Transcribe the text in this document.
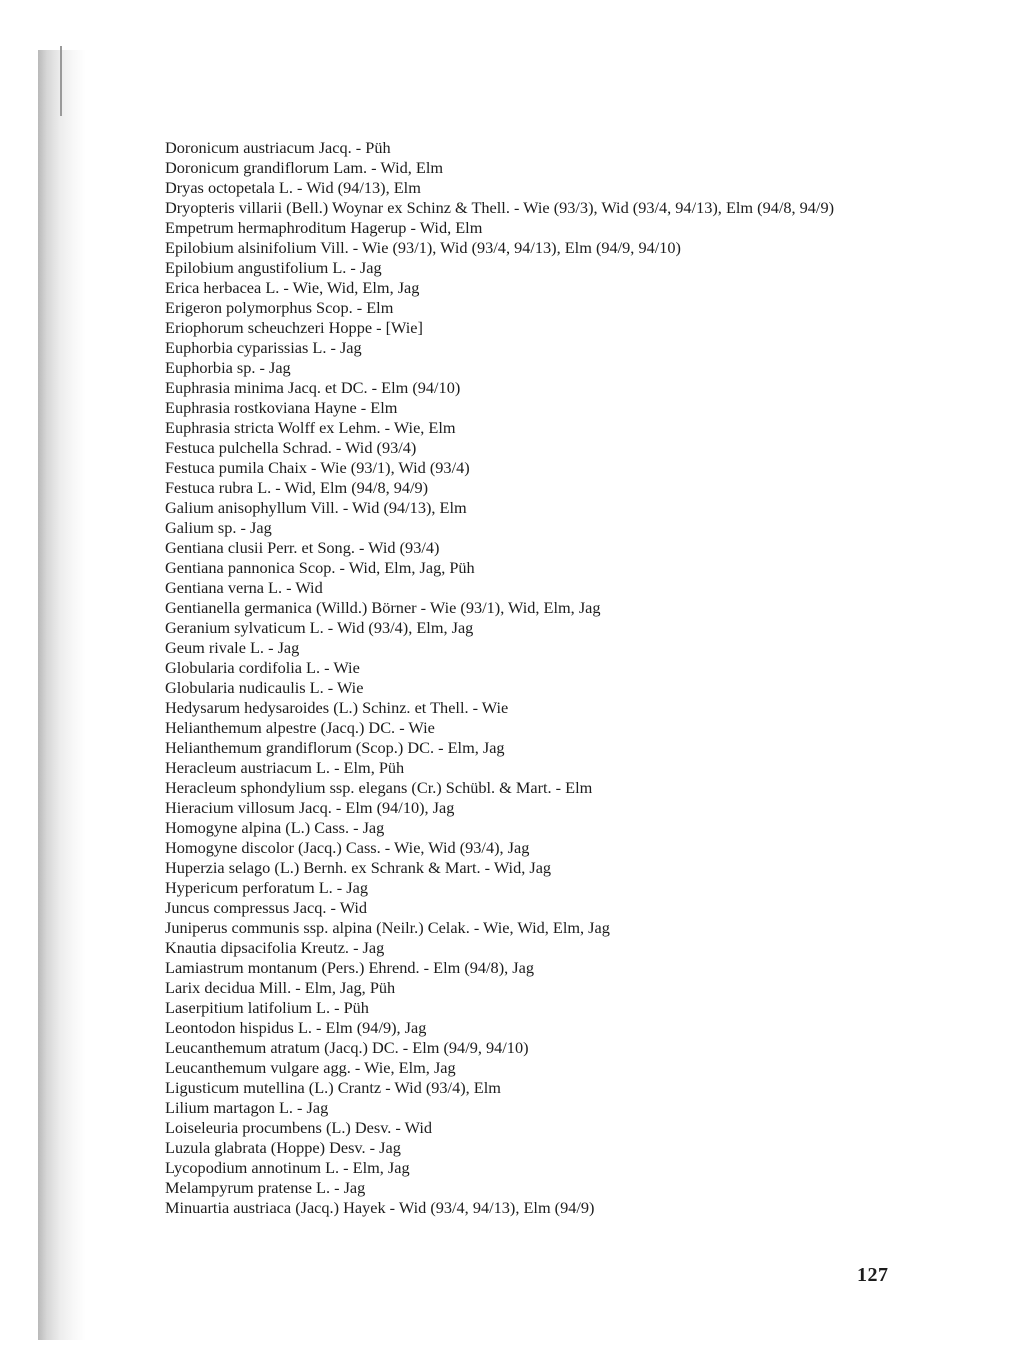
Doronicum austriacum Jacq. - Püh
Doronicum grandiflorum Lam. - Wid, Elm
Dryas octopetala L. - Wid (94/13), Elm
Dryopteris villarii (Bell.) Woynar ex Schinz & Thell. - Wie (93/3), Wid (93/4, 94/13), Elm (94/8, 94/9)
Empetrum hermaphroditum Hagerup - Wid, Elm
Epilobium alsinifolium Vill. - Wie (93/1), Wid (93/4, 94/13), Elm (94/9, 94/10)
Epilobium angustifolium L. - Jag
Erica herbacea L. - Wie, Wid, Elm, Jag
Erigeron polymorphus Scop. - Elm
Eriophorum scheuchzeri Hoppe - [Wie]
Euphorbia cyparissias L. - Jag
Euphorbia sp. - Jag
Euphrasia minima Jacq. et DC. - Elm (94/10)
Euphrasia rostkoviana Hayne - Elm
Euphrasia stricta Wolff ex Lehm. - Wie, Elm
Festuca pulchella Schrad. - Wid (93/4)
Festuca pumila Chaix - Wie (93/1), Wid (93/4)
Festuca rubra L. - Wid, Elm (94/8, 94/9)
Galium anisophyllum Vill. - Wid (94/13), Elm
Galium sp. - Jag
Gentiana clusii Perr. et Song. - Wid (93/4)
Gentiana pannonica Scop. - Wid, Elm, Jag, Püh
Gentiana verna L. - Wid
Gentianella germanica (Willd.) Börner - Wie (93/1), Wid, Elm, Jag
Geranium sylvaticum L. - Wid (93/4), Elm, Jag
Geum rivale L. - Jag
Globularia cordifolia L. - Wie
Globularia nudicaulis L. - Wie
Hedysarum hedysaroides (L.) Schinz. et Thell. - Wie
Helianthemum alpestre (Jacq.) DC. - Wie
Helianthemum grandiflorum (Scop.) DC. - Elm, Jag
Heracleum austriacum L. - Elm, Püh
Heracleum sphondylium ssp. elegans (Cr.) Schübl. & Mart. - Elm
Hieracium villosum Jacq. - Elm (94/10), Jag
Homogyne alpina (L.) Cass. - Jag
Homogyne discolor (Jacq.) Cass. - Wie, Wid (93/4), Jag
Huperzia selago (L.) Bernh. ex Schrank & Mart. - Wid, Jag
Hypericum perforatum L. - Jag
Juncus compressus Jacq. - Wid
Juniperus communis ssp. alpina (Neilr.) Celak. - Wie, Wid, Elm, Jag
Knautia dipsacifolia Kreutz. - Jag
Lamiastrum montanum (Pers.) Ehrend. - Elm (94/8), Jag
Larix decidua Mill. - Elm, Jag, Püh
Laserpitium latifolium L. - Püh
Leontodon hispidus L. - Elm (94/9), Jag
Leucanthemum atratum (Jacq.) DC. - Elm (94/9, 94/10)
Leucanthemum vulgare agg. - Wie, Elm, Jag
Ligusticum mutellina (L.) Crantz - Wid (93/4), Elm
Lilium martagon L. - Jag
Loiseleuria procumbens (L.) Desv. - Wid
Luzula glabrata (Hoppe) Desv. - Jag
Lycopodium annotinum L. - Elm, Jag
Melampyrum pratense L. - Jag
Minuartia austriaca (Jacq.) Hayek - Wid (93/4, 94/13), Elm (94/9)
127
